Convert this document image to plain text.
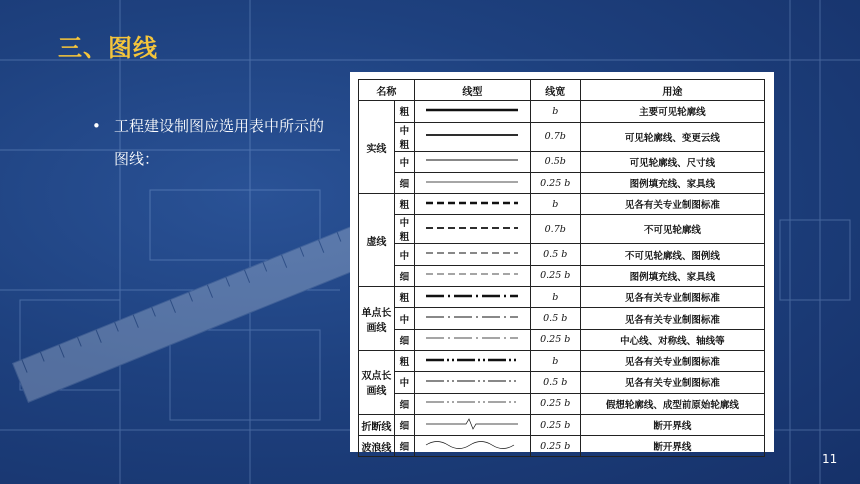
三、图线
• 工程建设制图应选用表中所示的图线：
名称		线型	线宽	用途
实线	粗		b	主要可见轮廓线
	中粗		0.7b	可见轮廓线、变更云线
	中		0.5b	可见轮廓线、尺寸线
	细		0.25 b	图例填充线、家具线
虚线	粗		b	见各有关专业制图标准
	中粗		0.7b	不可见轮廓线
	中		0.5 b	不可见轮廓线、图例线
	细		0.25 b	图例填充线、家具线
单点长画线	粗		b	见各有关专业制图标准
	中		0.5 b	见各有关专业制图标准
	细		0.25 b	中心线、对称线、轴线等
双点长画线	粗		b	见各有关专业制图标准
	中		0.5 b	见各有关专业制图标准
	细		0.25 b	假想轮廓线、成型前原始轮廓线
折断线	细		0.25 b	断开界线
波浪线	细		0.25 b	断开界线
11
